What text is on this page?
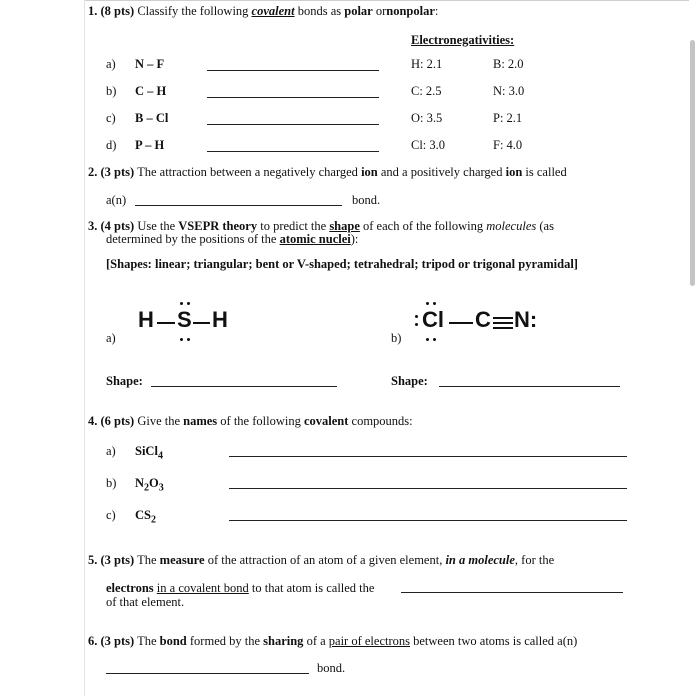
1. (8 pts) Classify the following covalent bonds as polar ornonpolar:
Electronegativities:
a) N – F	H: 2.1	B: 2.0
b) C – H	C: 2.5	N: 3.0
c) B – Cl	O: 3.5	P: 2.1
d) P – H	Cl: 3.0	F: 4.0
2. (3 pts) The attraction between a negatively charged ion and a positively charged ion is called
a(n)	bond.
3. (4 pts) Use the VSEPR theory to predict the shape of each of the following molecules (as
determined by the positions of the atomic nuclei):
[Shapes: linear; triangular; bent or V-shaped; tetrahedral; tripod or trigonal pyramidal]
a)
H S H
b)
Cl C N:
Shape:	Shape:
4. (6 pts) Give the names of the following covalent compounds:
a) SiCl$_4$
b) $N_2O_3$
c) $CS_2$
5. (3 pts) The measure of the attraction of an atom of a given element, in a molecule, for the
electrons in a covalent bond to that atom is called the
of that element.
6. (3 pts) The bond formed by the sharing of a pair of electrons between two atoms is called a(n)
bond.
